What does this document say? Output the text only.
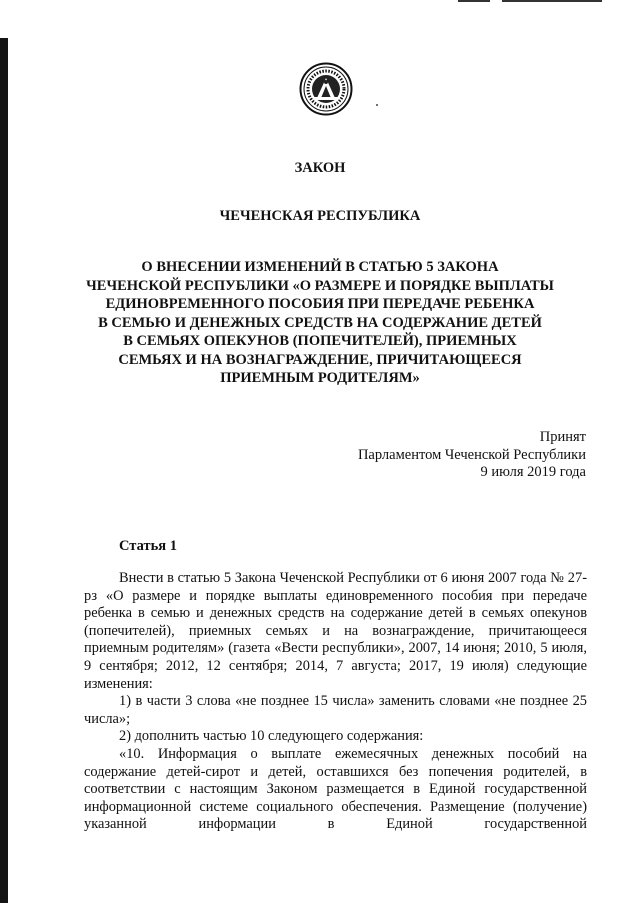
ЗАКОН
ЧЕЧЕНСКАЯ РЕСПУБЛИКА
О ВНЕСЕНИИ ИЗМЕНЕНИЙ В СТАТЬЮ 5 ЗАКОНА
ЧЕЧЕНСКОЙ РЕСПУБЛИКИ «О РАЗМЕРЕ И ПОРЯДКЕ ВЫПЛАТЫ
ЕДИНОВРЕМЕННОГО ПОСОБИЯ ПРИ ПЕРЕДАЧЕ РЕБЕНКА
В СЕМЬЮ И ДЕНЕЖНЫХ СРЕДСТВ НА СОДЕРЖАНИЕ ДЕТЕЙ
В СЕМЬЯХ ОПЕКУНОВ (ПОПЕЧИТЕЛЕЙ), ПРИЕМНЫХ
СЕМЬЯХ И НА ВОЗНАГРАЖДЕНИЕ, ПРИЧИТАЮЩЕЕСЯ
ПРИЕМНЫМ РОДИТЕЛЯМ»
Принят
Парламентом Чеченской Республики
9 июля 2019 года
Статья 1

Внести в статью 5 Закона Чеченской Республики от 6 июня 2007 года № 27-рз «О размере и порядке выплаты единовременного пособия при передаче ребенка в семью и денежных средств на содержание детей в семьях опекунов (попечителей), приемных семьях и на вознаграждение, причитающееся приемным родителям» (газета «Вести республики», 2007, 14 июня; 2010, 5 июля, 9 сентября; 2012, 12 сентября; 2014, 7 августа; 2017, 19 июля) следующие изменения:

1) в части 3 слова «не позднее 15 числа» заменить словами «не позднее 25 числа»;

2) дополнить частью 10 следующего содержания:

«10. Информация о выплате ежемесячных денежных пособий на содержание детей-сирот и детей, оставшихся без попечения родителей, в соответствии с настоящим Законом размещается в Единой государственной информационной системе социального обеспечения. Размещение (получение) указанной информации в Единой государственной
